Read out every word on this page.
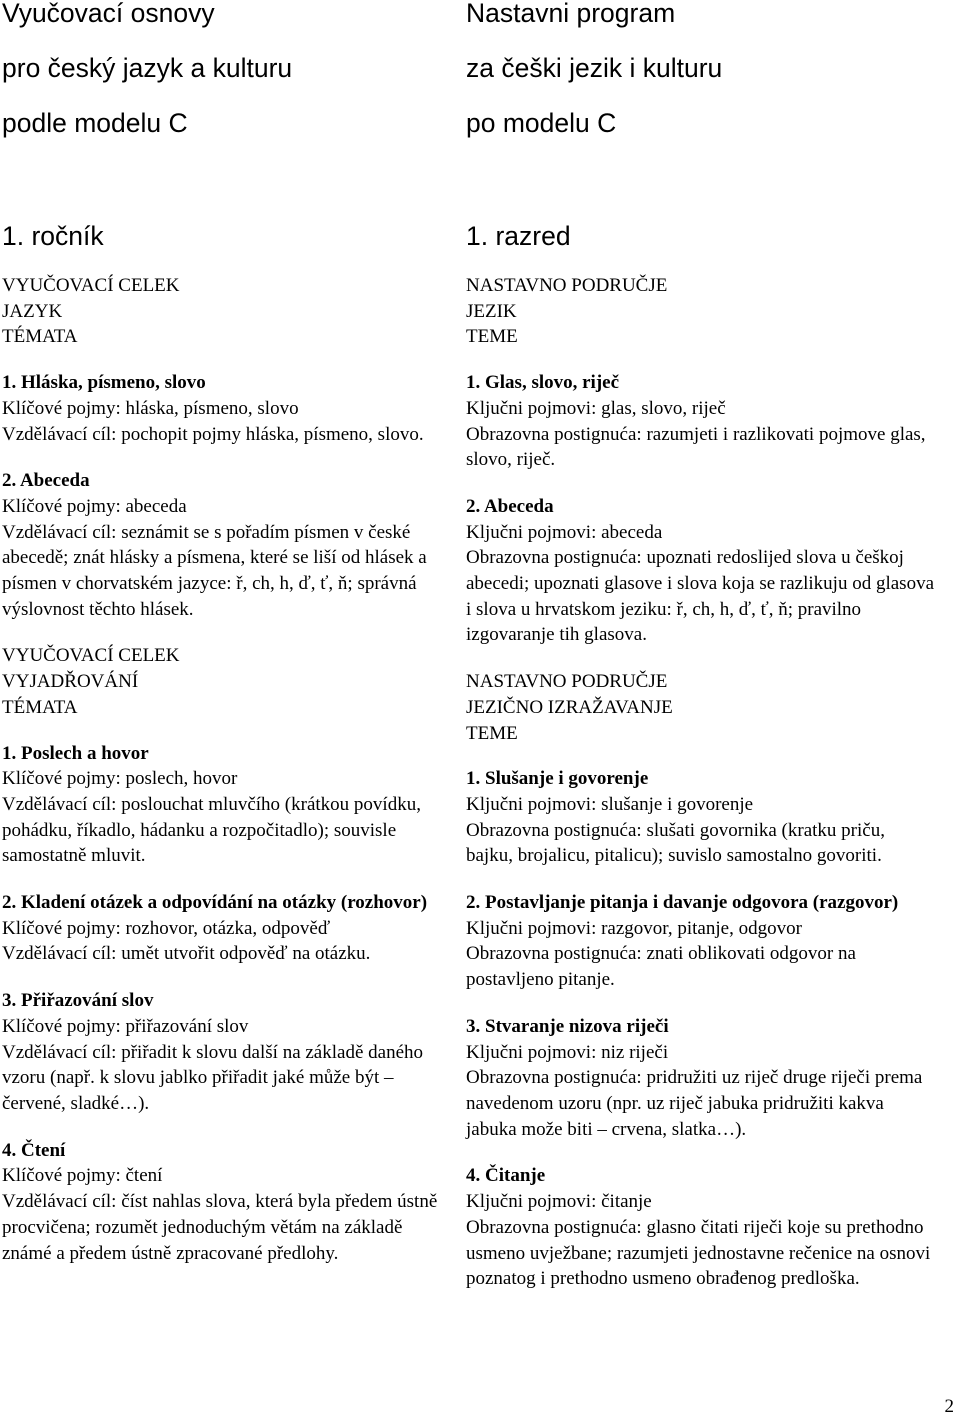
Vyučovací osnovy

pro český jazyk a kulturu

podle modelu C

1. ročník

VYUČOVACÍ CELEK

JAZYK

TÉMATA

1. Hláska, písmeno, slovo

Klíčové pojmy: hláska, písmeno, slovo

Vzdělávací cíl: pochopit pojmy hláska, písmeno, slovo.

2. Abeceda

Klíčové pojmy: abeceda

Vzdělávací cíl: seznámit se s pořadím písmen v české abecedě; znát hlásky a písmena, které se liší od hlásek a písmen v chorvatském jazyce: ř, ch, h, ď, ť, ň; správná výslovnost těchto hlásek.

VYUČOVACÍ CELEK

VYJADŘOVÁNÍ

TÉMATA

1. Poslech a hovor

Klíčové pojmy: poslech, hovor

Vzdělávací cíl: poslouchat mluvčího (krátkou povídku, pohádku, říkadlo, hádanku a rozpočitadlo); souvisle samostatně mluvit.

2. Kladení otázek a odpovídání na otázky (rozhovor)

Klíčové pojmy: rozhovor, otázka, odpověď

Vzdělávací cíl: umět utvořit odpověď na otázku.

3. Přiřazování slov

Klíčové pojmy: přiřazování slov

Vzdělávací cíl: přiřadit k slovu další na základě daného vzoru (např. k slovu jablko přiřadit jaké může být – červené, sladké…).

4. Čtení

Klíčové pojmy: čtení

Vzdělávací cíl: číst nahlas slova, která byla předem ústně procvičena; rozumět jednoduchým větám na základě známé a předem ústně zpracované předlohy.

Nastavni program

za češki jezik i kulturu

po modelu C

1. razred

NASTAVNO PODRUČJE

JEZIK

TEME

1. Glas, slovo, riječ

Ključni pojmovi: glas, slovo, riječ

Obrazovna postignuća: razumjeti i razlikovati pojmove glas, slovo, riječ.

2. Abeceda

Ključni pojmovi: abeceda

Obrazovna postignuća: upoznati redoslijed slova u češkoj abecedi; upoznati glasove i slova koja se razlikuju od glasova i slova u hrvatskom jeziku: ř, ch, h, ď, ť, ň; pravilno izgovaranje tih glasova.

NASTAVNO PODRUČJE

JEZIČNO IZRAŽAVANJE

TEME

1. Slušanje i govorenje

Ključni pojmovi: slušanje i govorenje

Obrazovna postignuća: slušati govornika (kratku priču, bajku, brojalicu, pitalicu); suvislo samostalno govoriti.

2. Postavljanje pitanja i davanje odgovora (razgovor)

Ključni pojmovi: razgovor, pitanje, odgovor

Obrazovna postignuća: znati oblikovati odgovor na postavljeno pitanje.

3. Stvaranje nizova riječi

Ključni pojmovi: niz riječi

Obrazovna postignuća: pridružiti uz riječ druge riječi prema navedenom uzoru (npr. uz riječ jabuka pridružiti kakva jabuka može biti – crvena, slatka…).

4. Čitanje

Ključni pojmovi: čitanje

Obrazovna postignuća: glasno čitati riječi koje su prethodno usmeno uvježbane; razumjeti jednostavne rečenice na osnovi poznatog i prethodno usmeno obrađenog predloška.

2
